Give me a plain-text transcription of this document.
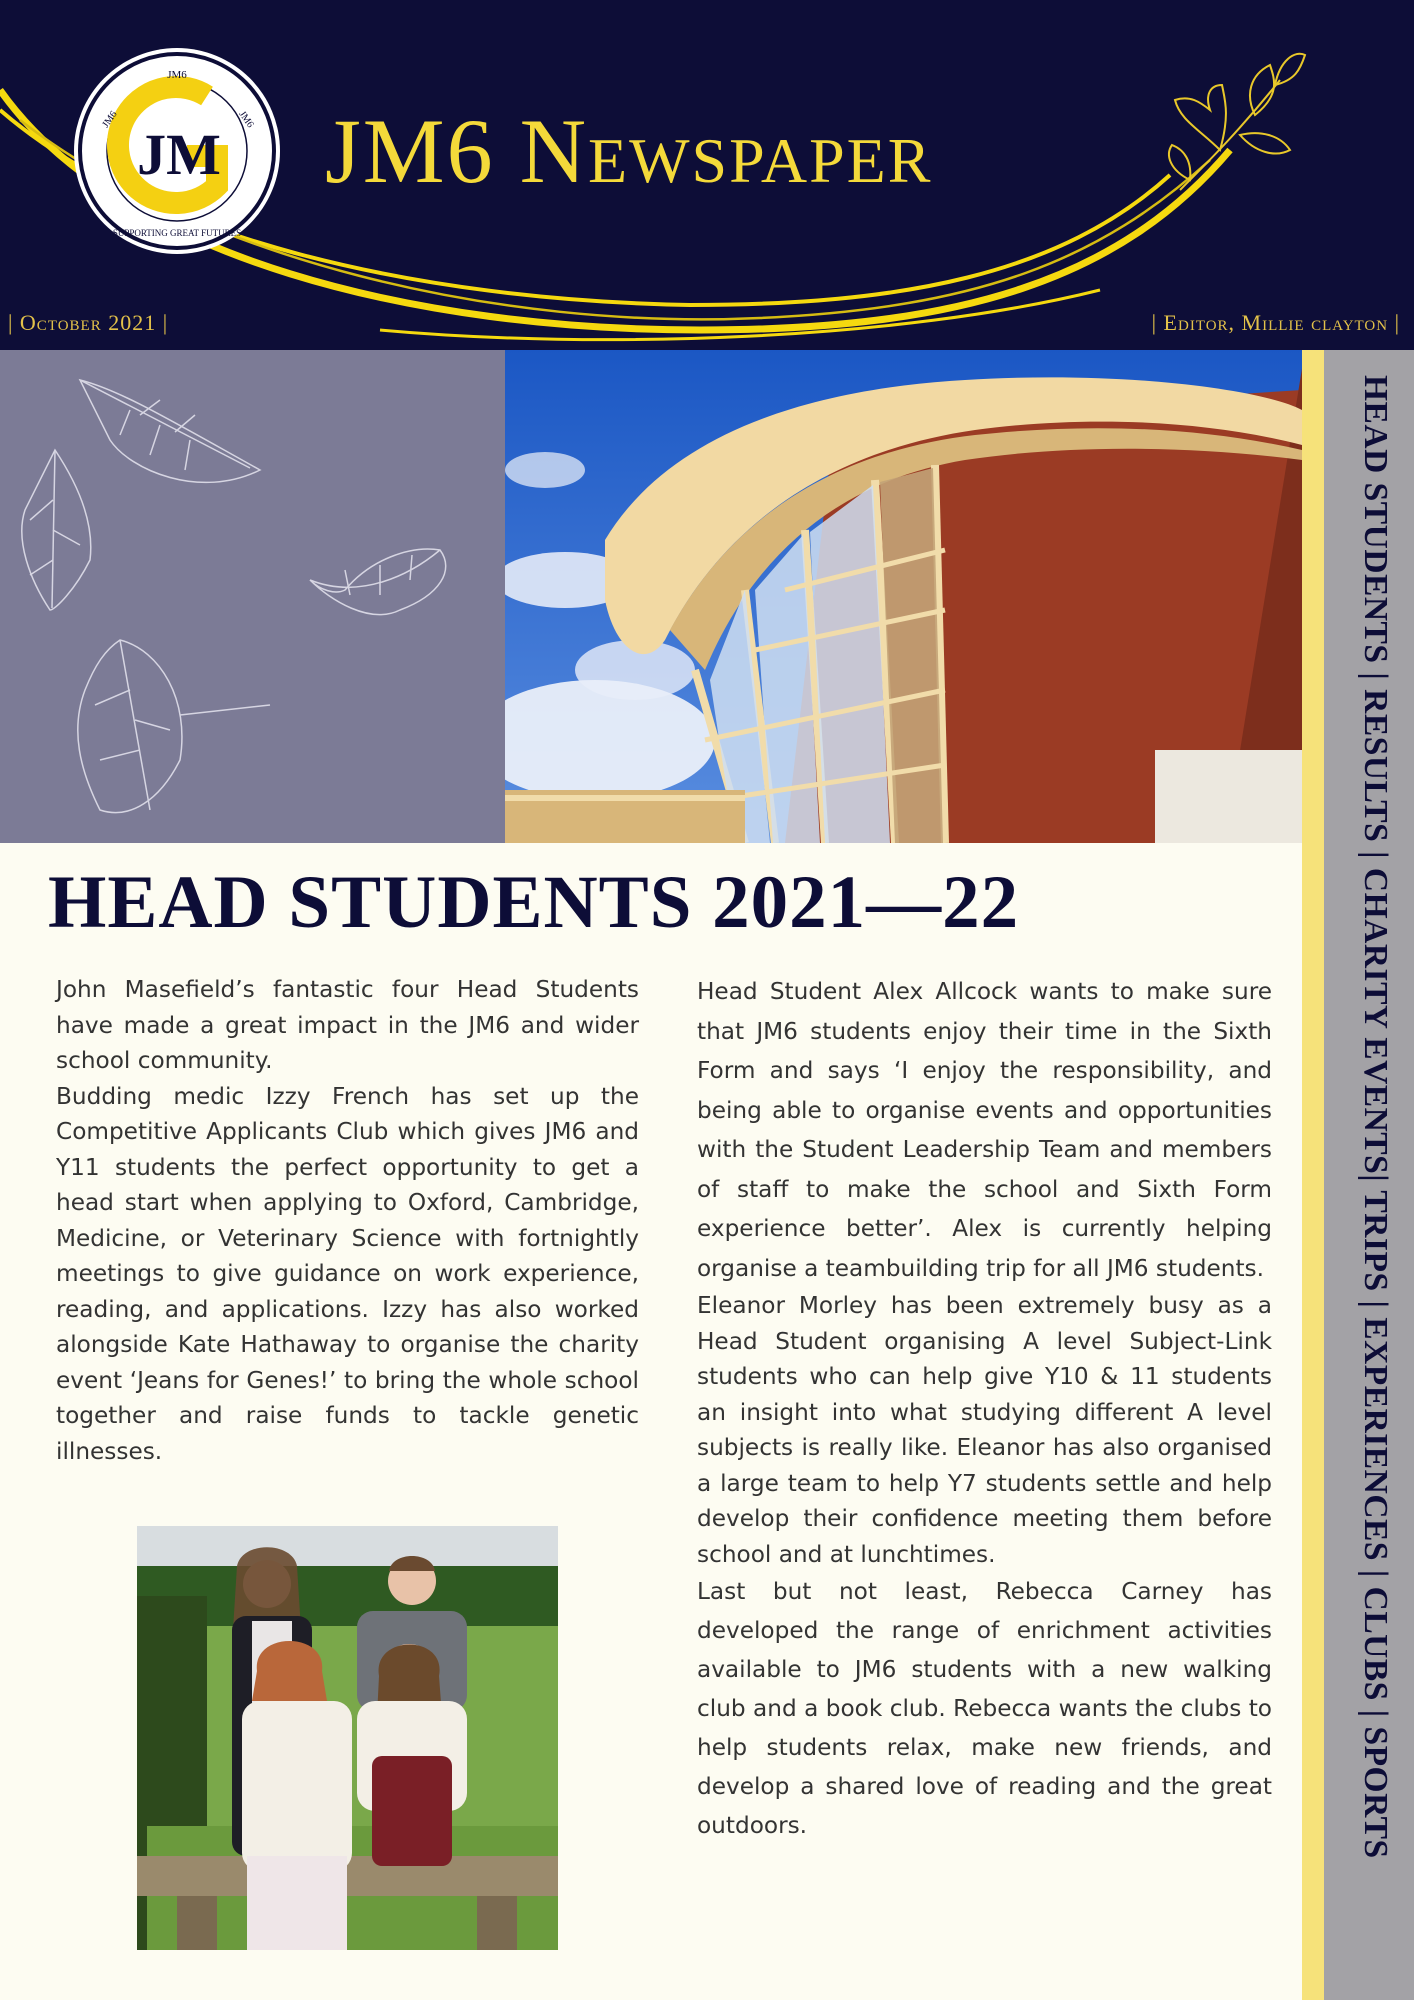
JM6
JM6	JM6
SUPPORTING GREAT FUTURES
JM JM6 Newspaper
| October 2021 |	| Editor, Millie clayton |
HEAD STUDENTS | RESULTS | CHARITY EVENTS| TRIPS | EXPERIENCES | CLUBS | SPORTS
HEAD STUDENTS 2021—22

John Masefield’s fantastic four Head Students have made a great impact in the JM6 and wider school community.

Budding medic Izzy French has set up the Competitive Applicants Club which gives JM6 and Y11 students the perfect opportunity to get a head start when applying to Oxford, Cambridge, Medicine, or Veterinary Science with fortnightly meetings to give guidance on work experience, reading, and applications. Izzy has also worked alongside Kate Hathaway to organise the charity event ‘Jeans for Genes!’ to bring the whole school together and raise funds to tackle genetic illnesses.

Head Student Alex Allcock wants to make sure that JM6 students enjoy their time in the Sixth Form and says ‘I enjoy the responsibility, and being able to organise events and opportunities with the Student Leadership Team and members of staff to make the school and Sixth Form experience better’. Alex is currently helping organise a teambuilding trip for all JM6 students.

Eleanor Morley has been extremely busy as a Head Student organising A level Subject-Link students who can help give Y10 & 11 students an insight into what studying different A level subjects is really like. Eleanor has also organised a large team to help Y7 students settle and help develop their confidence meeting them before school and at lunchtimes.

Last but not least, Rebecca Carney has developed the range of enrichment activities available to JM6 students with a new walking club and a book club. Rebecca wants the clubs to help students relax, make new friends, and develop a shared love of reading and the great outdoors.
